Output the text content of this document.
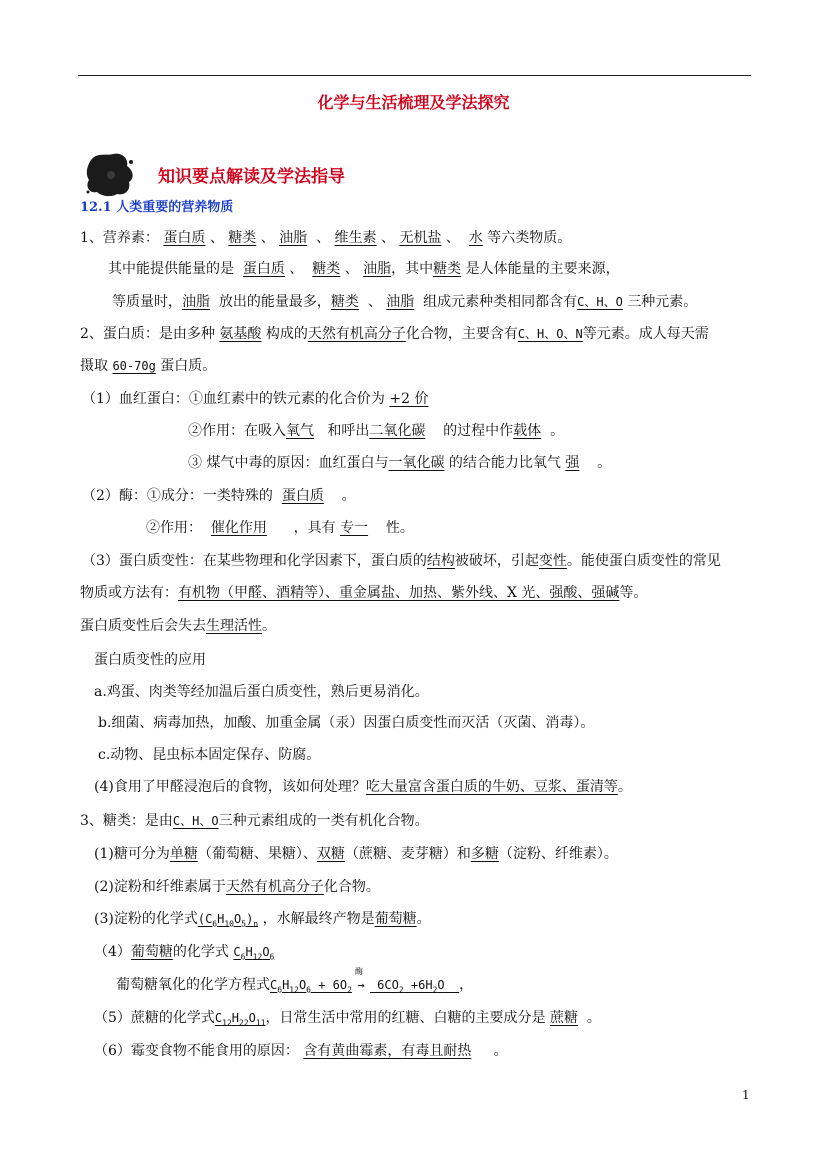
化学与生活梳理及学法探究
知识要点解读及学法指导
12.1 人类重要的营养物质
1、营养素： 蛋白质 、 糖类 、 油脂 、 维生素 、 无机盐 、 水 等六类物质。
其中能提供能量的是 蛋白质 、 糖类 、 油脂，其中糖类 是人体能量的主要来源，
等质量时，油脂 放出的能量最多，糖类 、 油脂 组成元素种类相同都含有C、H、O 三种元素。
2、蛋白质：是由多种 氨基酸 构成的天然有机高分子化合物，主要含有C、H、O、N等元素。成人每天需
摄取 60-70g 蛋白质。
（1）血红蛋白：①血红素中的铁元素的化合价为 +2 价
②作用：在吸入氧气 和呼出二氧化碳 的过程中作载体 。
③ 煤气中毒的原因：血红蛋白与一氧化碳 的结合能力比氧气 强 。
（2）酶：①成分：一类特殊的 蛋白质 。
②作用： 催化作用 ，具有 专一 性。
（3）蛋白质变性：在某些物理和化学因素下，蛋白质的结构被破坏，引起变性。能使蛋白质变性的常见
物质或方法有：有机物（甲醛、酒精等）、重金属盐、加热、紫外线、X 光、强酸、强碱等。
蛋白质变性后会失去生理活性。
蛋白质变性的应用
a.鸡蛋、肉类等经加温后蛋白质变性，熟后更易消化。
b.细菌、病毒加热，加酸、加重金属（汞）因蛋白质变性而灭活（灭菌、消毒）。
c.动物、昆虫标本固定保存、防腐。
(4)食用了甲醛浸泡后的食物，该如何处理？吃大量富含蛋白质的牛奶、豆浆、蛋清等。
3、糖类：是由C、H、O三种元素组成的一类有机化合物。
(1)糖可分为单糖（葡萄糖、果糖）、双糖（蔗糖、麦芽糖）和多糖（淀粉、纤维素）。
(2)淀粉和纤维素属于天然有机高分子化合物。
(3)淀粉的化学式$(C_6H_{10}O_5)_n$ ，水解最终产物是葡萄糖。
（4）葡萄糖的化学式 $C_6H_{12}O_6$
葡萄糖氧化的化学方程式$C_6H_{12}O_6 + 6O_2$
酶
→ $6CO_2 +6H_2O$ ，
（5）蔗糖的化学式$C_{12}H_{22}O_{11}$，日常生活中常用的红糖、白糖的主要成分是 蔗糖 。
（6）霉变食物不能食用的原因： 含有黄曲霉素，有毒且耐热 。
1
